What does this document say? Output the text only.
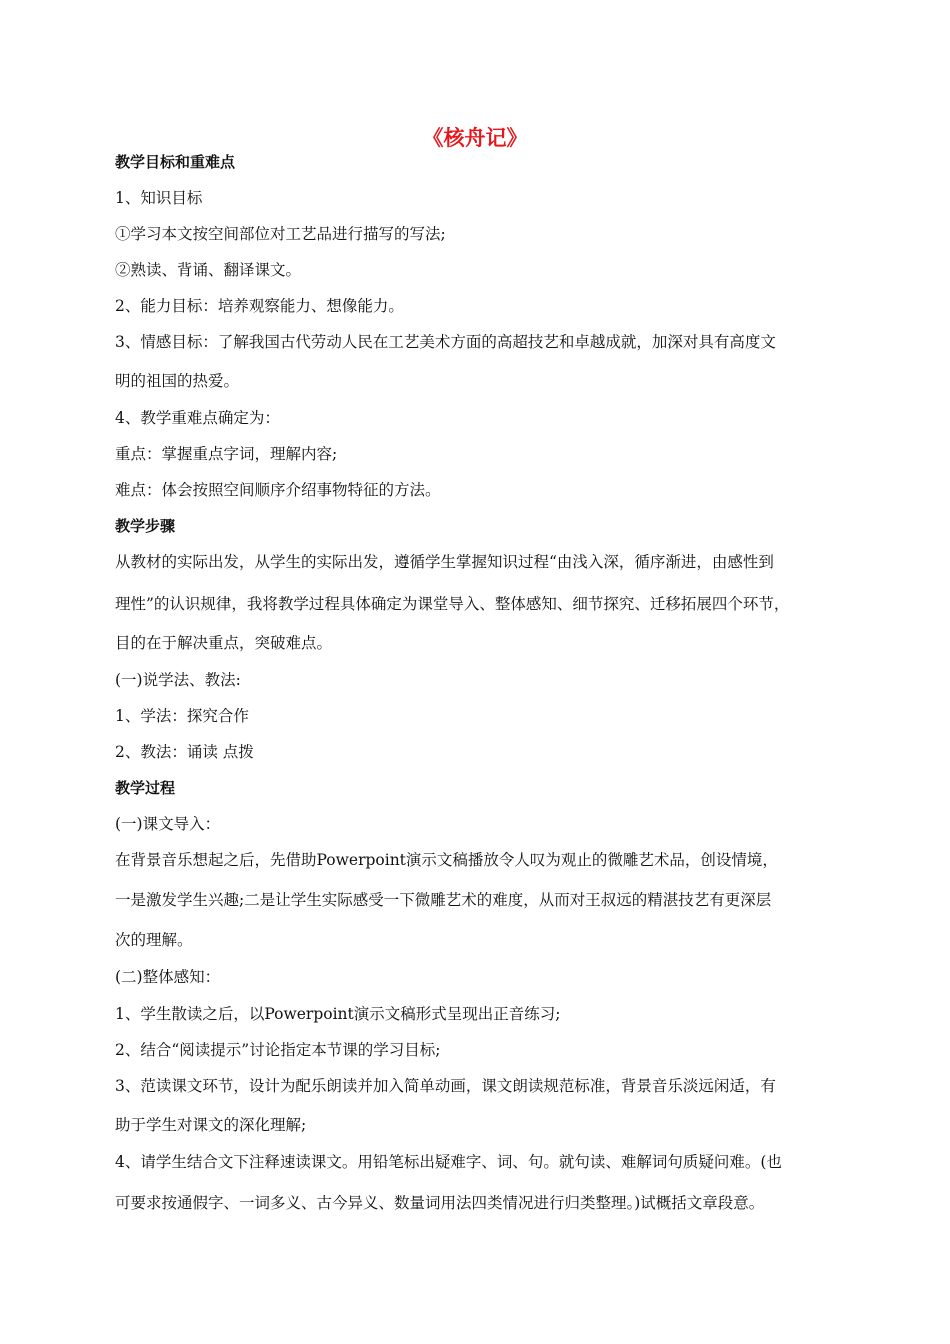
《核舟记》
教学目标和重难点
1、知识目标
①学习本文按空间部位对工艺品进行描写的写法;
②熟读、背诵、翻译课文。
2、能力目标：培养观察能力、想像能力。
3、情感目标：了解我国古代劳动人民在工艺美术方面的高超技艺和卓越成就，加深对具有高度文
明的祖国的热爱。
4、教学重难点确定为：
重点：掌握重点字词，理解内容;
难点：体会按照空间顺序介绍事物特征的方法。
教学步骤
从教材的实际出发，从学生的实际出发，遵循学生掌握知识过程“由浅入深，循序渐进，由感性到
理性”的认识规律，我将教学过程具体确定为课堂导入、整体感知、细节探究、迁移拓展四个环节，
目的在于解决重点，突破难点。
(一)说学法、教法:
1、学法：探究合作
2、教法：诵读 点拨
教学过程
(一)课文导入：
在背景音乐想起之后，先借助Powerpoint演示文稿播放令人叹为观止的微雕艺术品，创设情境，
一是激发学生兴趣;二是让学生实际感受一下微雕艺术的难度，从而对王叔远的精湛技艺有更深层
次的理解。
(二)整体感知：
1、学生散读之后，以Powerpoint演示文稿形式呈现出正音练习;
2、结合“阅读提示”讨论指定本节课的学习目标;
3、范读课文环节，设计为配乐朗读并加入简单动画，课文朗读规范标准，背景音乐淡远闲适，有
助于学生对课文的深化理解;
4、请学生结合文下注释速读课文。用铅笔标出疑难字、词、句。就句读、难解词句质疑问难。(也
可要求按通假字、一词多义、古今异义、数量词用法四类情况进行归类整理。)试概括文章段意。
